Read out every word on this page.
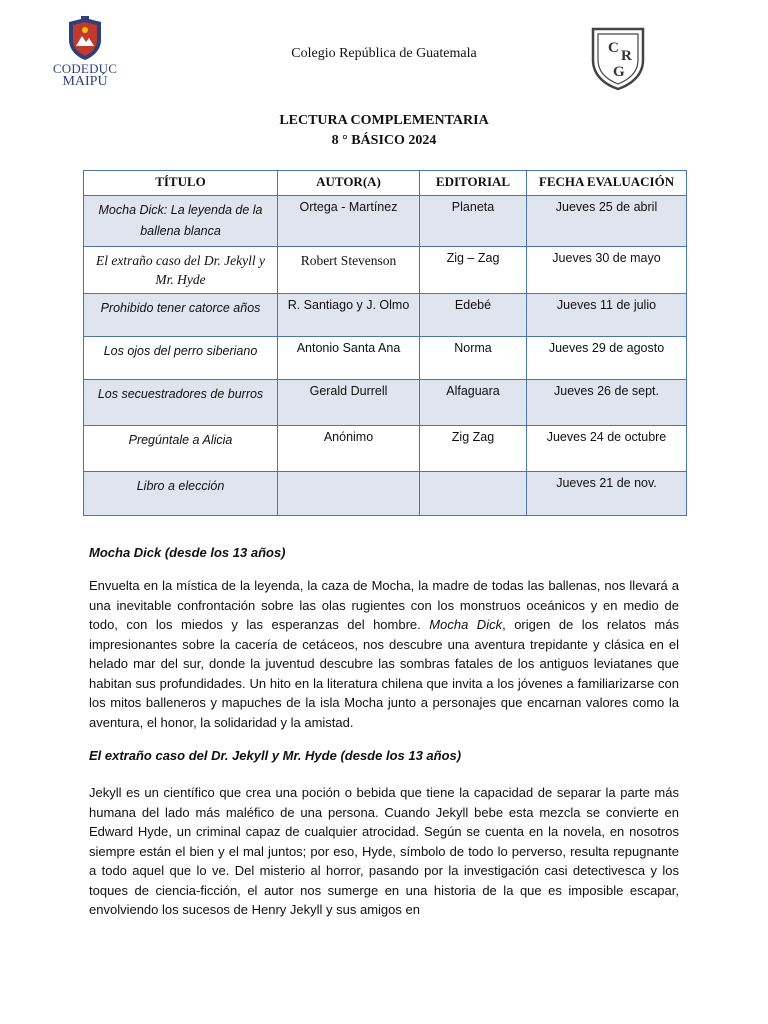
CODEDUC
MAIPÚ
Colegio República de Guatemala	C R
G
LECTURA COMPLEMENTARIA
8 ° BÁSICO 2024
TÍTULO	AUTOR(A)	EDITORIAL	FECHA EVALUACIÓN
Mocha Dick: La leyenda de la ballena blanca	Ortega - Martínez	Planeta	Jueves 25 de abril
El extraño caso del Dr. Jekyll y Mr. Hyde	Robert Stevenson	Zig – Zag	Jueves 30 de mayo
Prohibido tener catorce años	R. Santiago y J. Olmo	Edebé	Jueves 11 de julio
Los ojos del perro siberiano	Antonio Santa Ana	Norma	Jueves 29 de agosto
Los secuestradores de burros	Gerald Durrell	Alfaguara	Jueves 26 de sept.
Pregúntale a Alicia	Anónimo	Zig Zag	Jueves 24 de octubre
Libro a elección			Jueves 21 de nov.
Mocha Dick (desde los 13 años)

Envuelta en la mística de la leyenda, la caza de Mocha, la madre de todas las ballenas, nos llevará a una inevitable confrontación sobre las olas rugientes con los monstruos oceánicos y en medio de todo, con los miedos y las esperanzas del hombre. Mocha Dick, origen de los relatos más impresionantes sobre la cacería de cetáceos, nos descubre una aventura trepidante y clásica en el helado mar del sur, donde la juventud descubre las sombras fatales de los antiguos leviatanes que habitan sus profundidades. Un hito en la literatura chilena que invita a los jóvenes a familiarizarse con los mitos balleneros y mapuches de la isla Mocha junto a personajes que encarnan valores como la aventura, el honor, la solidaridad y la amistad.

El extraño caso del Dr. Jekyll y Mr. Hyde (desde los 13 años)

Jekyll es un científico que crea una poción o bebida que tiene la capacidad de separar la parte más humana del lado más maléfico de una persona. Cuando Jekyll bebe esta mezcla se convierte en Edward Hyde, un criminal capaz de cualquier atrocidad. Según se cuenta en la novela, en nosotros siempre están el bien y el mal juntos; por eso, Hyde, símbolo de todo lo perverso, resulta repugnante a todo aquel que lo ve. Del misterio al horror, pasando por la investigación casi detectivesca y los toques de ciencia-ficción, el autor nos sumerge en una historia de la que es imposible escapar, envolviendo los sucesos de Henry Jekyll y sus amigos en
